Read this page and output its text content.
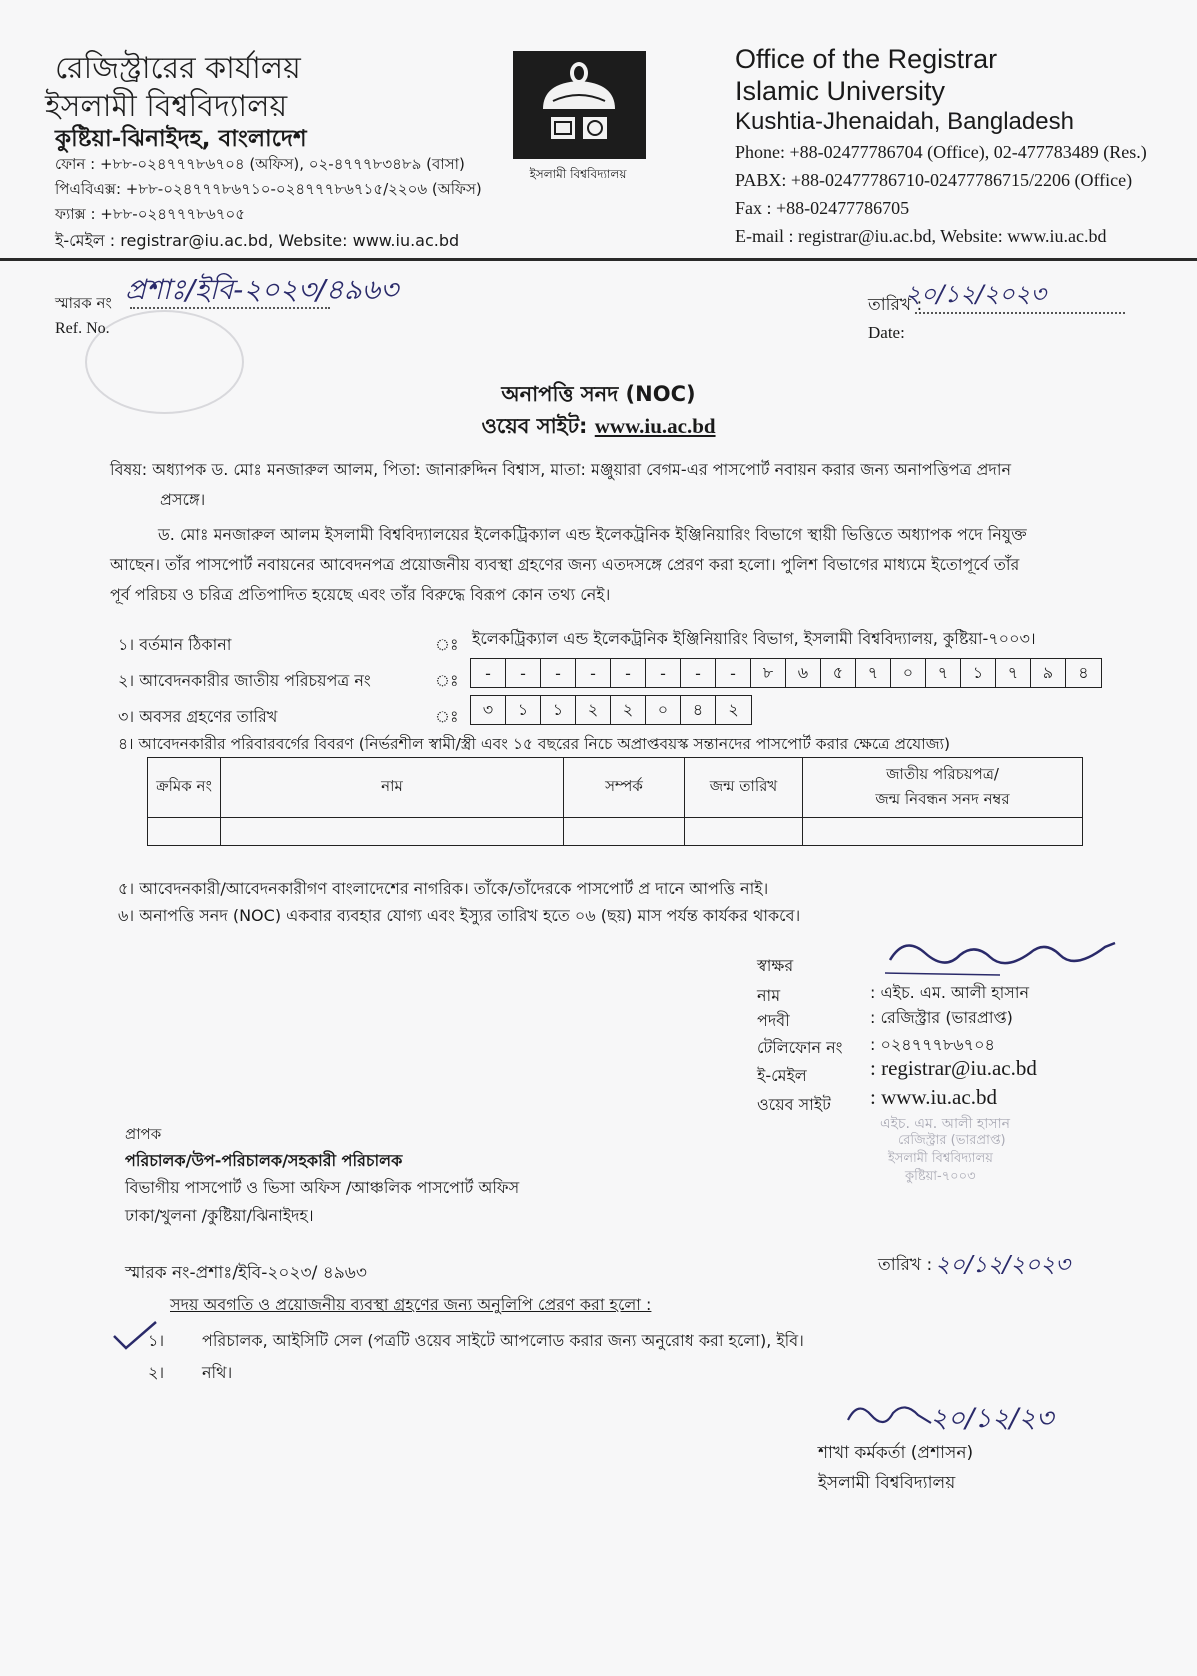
রেজিস্ট্রারের কার্যালয়
ইসলামী বিশ্ববিদ্যালয়
কুষ্টিয়া-ঝিনাইদহ, বাংলাদেশ
ফোন : +৮৮-০২৪৭৭৭৮৬৭০৪ (অফিস), ০২-৪৭৭৭৮৩৪৮৯ (বাসা)
পিএবিএক্স: +৮৮-০২৪৭৭৭৮৬৭১০-০২৪৭৭৭৮৬৭১৫/২২০৬ (অফিস)
ফ্যাক্স : +৮৮-০২৪৭৭৭৮৬৭০৫
ই-মেইল : registrar@iu.ac.bd, Website: www.iu.ac.bd
ইসলামী বিশ্ববিদ্যালয়
Office of the Registrar
Islamic University
Kushtia-Jhenaidah, Bangladesh
Phone: +88-02477786704 (Office), 02-477783489 (Res.)
PABX: +88-02477786710-02477786715/2206 (Office)
Fax : +88-02477786705
E-mail : registrar@iu.ac.bd, Website: www.iu.ac.bd
স্মারক নং প্রশাঃ/ইবি-২০২৩/৪৯৬৩
Ref. No.
তারিখ :
২০/১২/২০২৩
Date:
অনাপত্তি সনদ (NOC)
ওয়েব সাইট: www.iu.ac.bd
বিষয়: অধ্যাপক ড. মোঃ মনজারুল আলম, পিতা: জানারুদ্দিন বিশ্বাস, মাতা: মঞ্জুয়ারা বেগম-এর পাসপোর্ট নবায়ন করার জন্য অনাপত্তিপত্র প্রদান
প্রসঙ্গে।
ড. মোঃ মনজারুল আলম ইসলামী বিশ্ববিদ্যালয়ের ইলেকট্রিক্যাল এন্ড ইলেকট্রনিক ইঞ্জিনিয়ারিং বিভাগে স্থায়ী ভিত্তিতে অধ্যাপক পদে নিযুক্ত
আছেন। তাঁর পাসপোর্ট নবায়নের আবেদনপত্র প্রয়োজনীয় ব্যবস্থা গ্রহণের জন্য এতদসঙ্গে প্রেরণ করা হলো। পুলিশ বিভাগের মাধ্যমে ইতোপূর্বে তাঁর
পূর্ব পরিচয় ও চরিত্র প্রতিপাদিত হয়েছে এবং তাঁর বিরুদ্ধে বিরূপ কোন তথ্য নেই।
১। বর্তমান ঠিকানা	ঃ ইলেকট্রিক্যাল এন্ড ইলেকট্রনিক ইঞ্জিনিয়ারিং বিভাগ, ইসলামী বিশ্ববিদ্যালয়, কুষ্টিয়া-৭০০৩।
২। আবেদনকারীর জাতীয় পরিচয়পত্র নং	ঃ	-	-	-	-	-	-	-	-	৮	৬	৫	৭	০	৭	১	৭	৯	৪
৩। অবসর গ্রহণের তারিখ	ঃ	৩	১	১	২	২	০	৪	২
৪। আবেদনকারীর পরিবারবর্গের বিবরণ (নির্ভরশীল স্বামী/স্ত্রী এবং ১৫ বছরের নিচে অপ্রাপ্তবয়স্ক সন্তানদের পাসপোর্ট করার ক্ষেত্রে প্রযোজ্য)
ক্রমিক নং	নাম	সম্পর্ক	জন্ম তারিখ	জাতীয় পরিচয়পত্র/
জন্ম নিবন্ধন সনদ নম্বর

৫। আবেদনকারী/আবেদনকারীগণ বাংলাদেশের নাগরিক। তাঁকে/তাঁদেরকে পাসপোর্ট প্র দানে আপত্তি নাই।
৬। অনাপত্তি সনদ (NOC) একবার ব্যবহার যোগ্য এবং ইস্যুর তারিখ হতে ০৬ (ছয়) মাস পর্যন্ত কার্যকর থাকবে।
স্বাক্ষর
নাম	: এইচ. এম. আলী হাসান
পদবী	: রেজিস্ট্রার (ভারপ্রাপ্ত)
টেলিফোন নং : ০২৪৭৭৭৮৬৭০৪
ই-মেইল	: registrar@iu.ac.bd
ওয়েব সাইট : www.iu.ac.bd
এইচ. এম. আলী হাসান
রেজিস্ট্রার (ভারপ্রাপ্ত)
ইসলামী বিশ্ববিদ্যালয়
কুষ্টিয়া-৭০০৩
প্রাপক
পরিচালক/উপ-পরিচালক/সহকারী পরিচালক
বিভাগীয় পাসপোর্ট ও ভিসা অফিস /আঞ্চলিক পাসপোর্ট অফিস
ঢাকা/খুলনা /কুষ্টিয়া/ঝিনাইদহ।
স্মারক নং-প্রশাঃ/ইবি-২০২৩/ ৪৯৬৩	তারিখ : ২০/১২/২০২৩
সদয় অবগতি ও প্রয়োজনীয় ব্যবস্থা গ্রহণের জন্য অনুলিপি প্রেরণ করা হলো :
১। পরিচালক, আইসিটি সেল (পত্রটি ওয়েব সাইটে আপলোড করার জন্য অনুরোধ করা হলো), ইবি।
২। নথি।
২০/১২/২৩
শাখা কর্মকর্তা (প্রশাসন)
ইসলামী বিশ্ববিদ্যালয়
